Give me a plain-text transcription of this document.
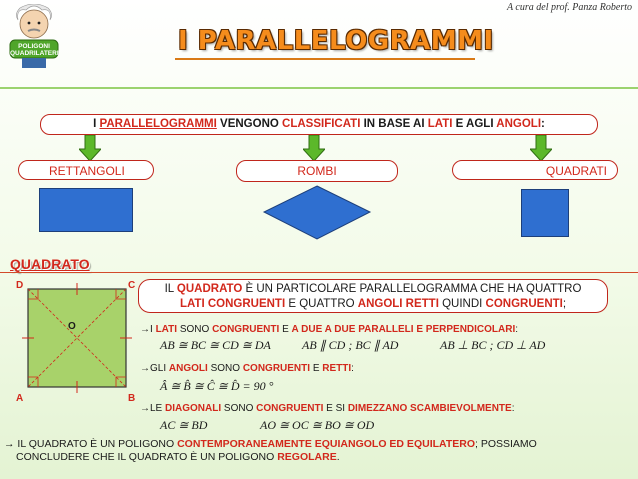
A cura del prof. Panza Roberto
POLIGONI
QUADRILATERI	I PARALLELOGRAMMI
I PARALLELOGRAMMI VENGONO CLASSIFICATI IN BASE AI LATI E AGLI ANGOLI:
RETTANGOLI	ROMBI	QUADRATI
QUADRATO
D	C
A	B
O
IL QUADRATO È UN PARTICOLARE PARALLELOGRAMMA CHE HA QUATTRO
LATI CONGRUENTI E QUATTRO ANGOLI RETTI QUINDI CONGRUENTI;
→I LATI SONO CONGRUENTI E A DUE A DUE PARALLELI E PERPENDICOLARI:
AB ≅ BC ≅ CD ≅ DA	AB ∥ CD ; BC ∥ AD	AB ⊥ BC ; CD ⊥ AD
→GLI ANGOLI SONO CONGRUENTI E RETTI:
Â ≅ B̂ ≅ Ĉ ≅ D̂ = 90 °
→LE DIAGONALI SONO CONGRUENTI E SI DIMEZZANO SCAMBIEVOLMENTE:
AC ≅ BD	AO ≅ OC ≅ BO ≅ OD
→ IL QUADRATO È UN POLIGONO CONTEMPORANEAMENTE EQUIANGOLO ED EQUILATERO; POSSIAMO
CONCLUDERE CHE IL QUADRATO È UN POLIGONO REGOLARE.
